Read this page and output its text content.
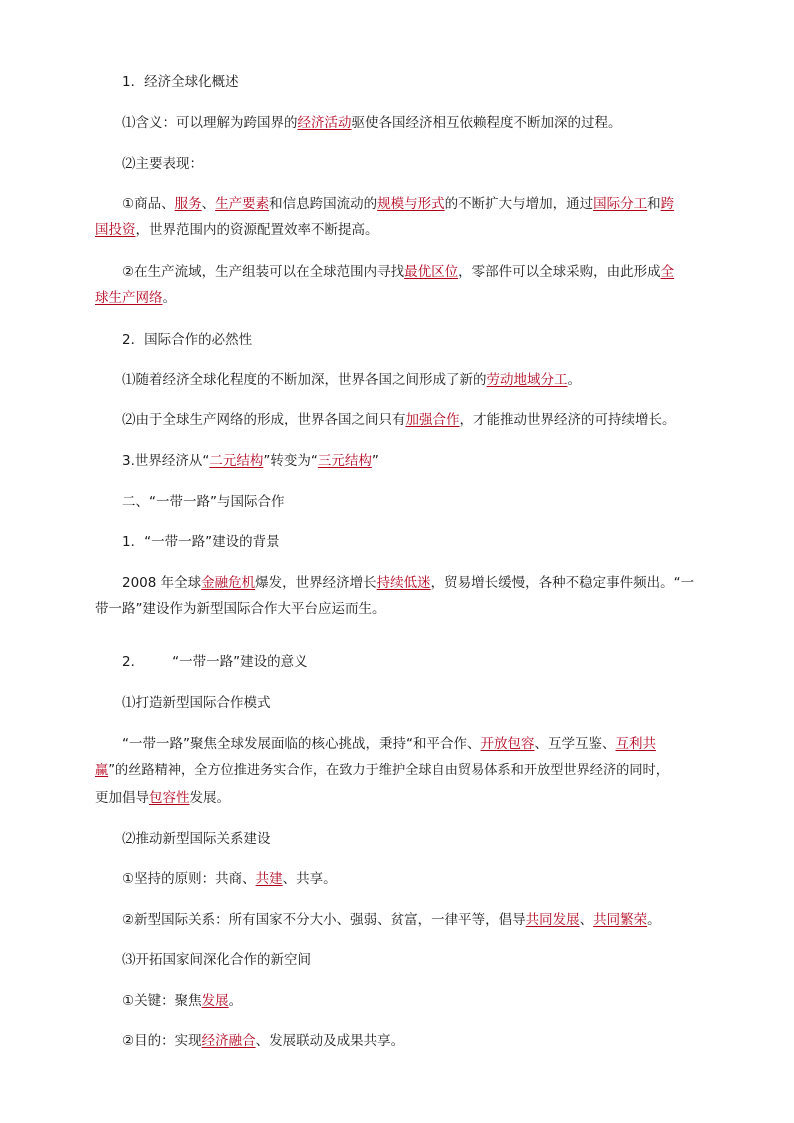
1．经济全球化概述
⑴含义：可以理解为跨国界的经济活动驱使各国经济相互依赖程度不断加深的过程。
⑵主要表现：
①商品、服务、生产要素和信息跨国流动的规模与形式的不断扩大与增加，通过国际分工和跨
国投资，世界范围内的资源配置效率不断提高。
②在生产流域，生产组装可以在全球范围内寻找最优区位，零部件可以全球采购，由此形成全
球生产网络。
2．国际合作的必然性
⑴随着经济全球化程度的不断加深，世界各国之间形成了新的劳动地域分工。
⑵由于全球生产网络的形成，世界各国之间只有加强合作，才能推动世界经济的可持续增长。
3.世界经济从“二元结构”转变为“三元结构”
二、“一带一路”与国际合作
1．“一带一路”建设的背景
2008 年全球金融危机爆发，世界经济增长持续低迷，贸易增长缓慢，各种不稳定事件频出。“一
带一路”建设作为新型国际合作大平台应运而生。
2． “一带一路”建设的意义
⑴打造新型国际合作模式
“一带一路”聚焦全球发展面临的核心挑战，秉持“和平合作、开放包容、互学互鉴、互利共
赢”的丝路精神，全方位推进务实合作，在致力于维护全球自由贸易体系和开放型世界经济的同时，
更加倡导包容性发展。
⑵推动新型国际关系建设
①坚持的原则：共商、共建、共享。
②新型国际关系：所有国家不分大小、强弱、贫富，一律平等，倡导共同发展、共同繁荣。
⑶开拓国家间深化合作的新空间
①关键：聚焦发展。
②目的：实现经济融合、发展联动及成果共享。
